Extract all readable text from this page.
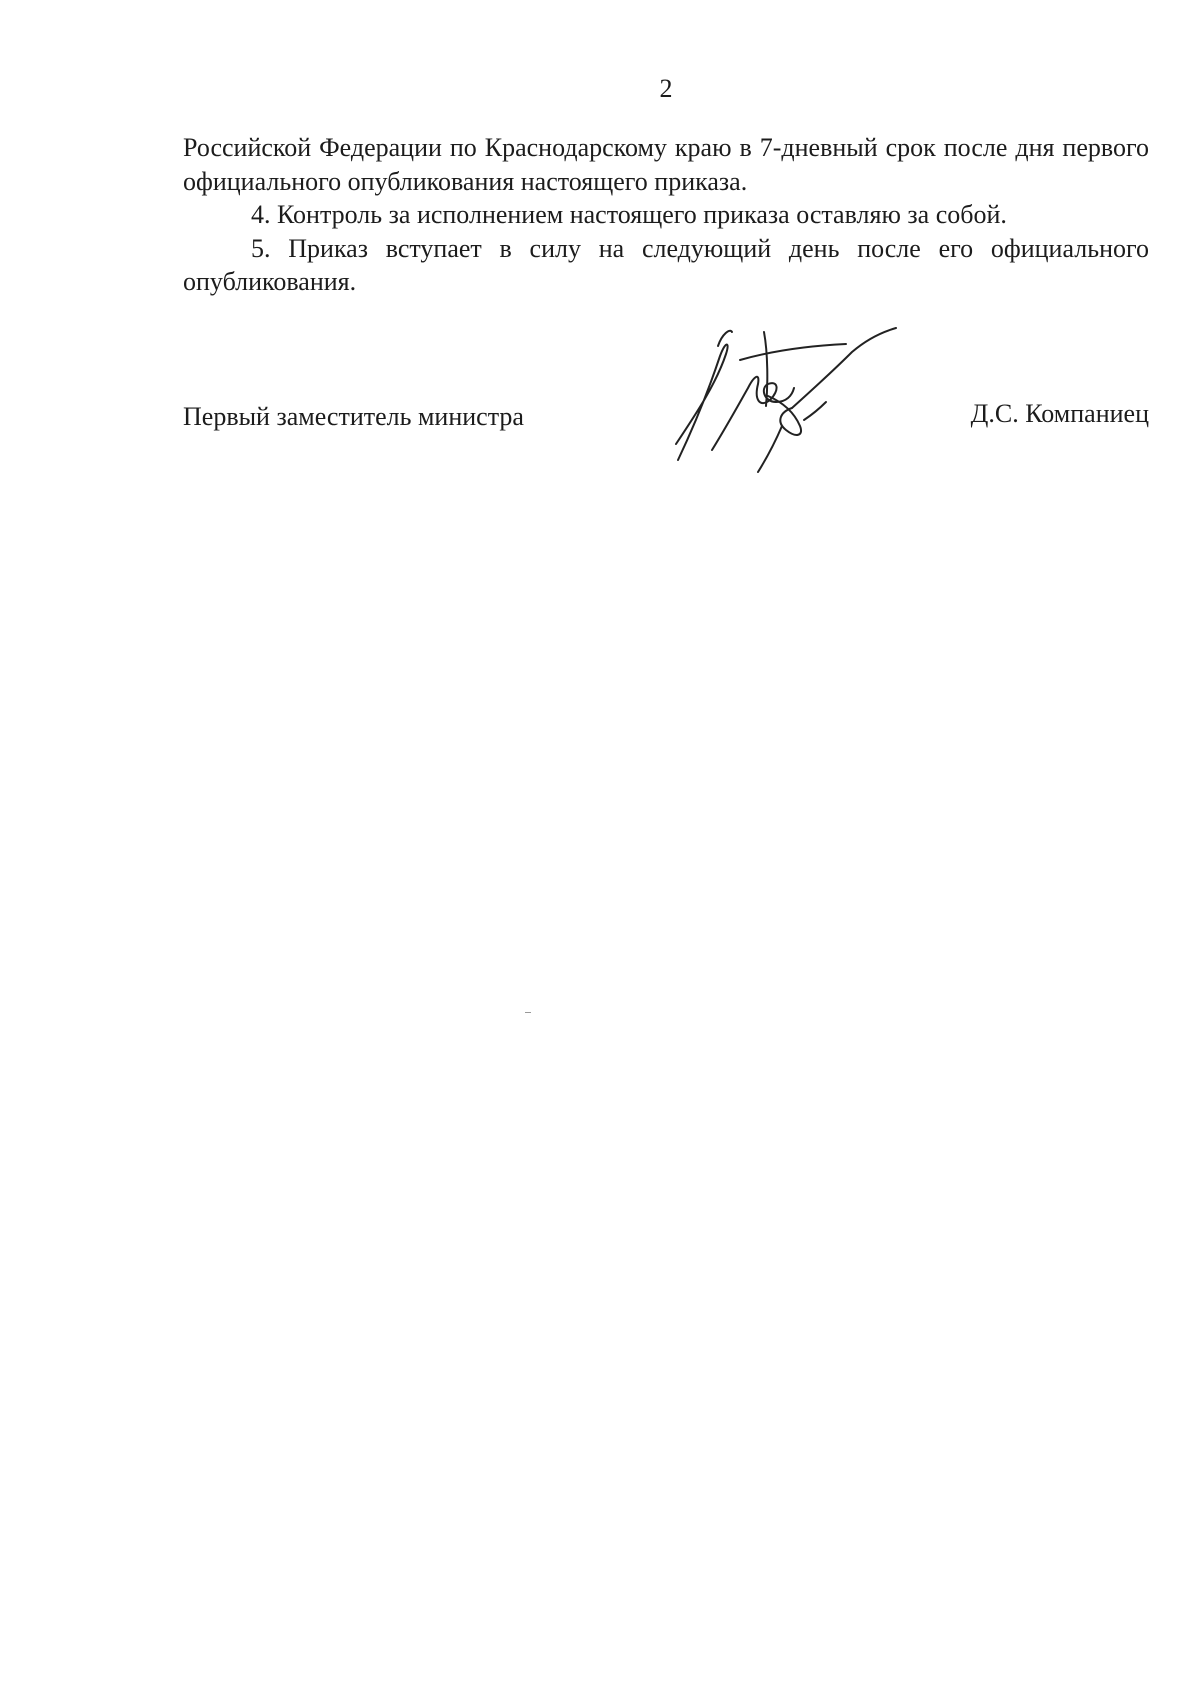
2

Российской Федерации по Краснодарскому краю в 7-дневный срок после дня первого официального опубликования настоящего приказа.

4. Контроль за исполнением настоящего приказа оставляю за собой.

5. Приказ вступает в силу на следующий день после его официального опубликования.

Первый заместитель министра	Д.С. Компаниец
